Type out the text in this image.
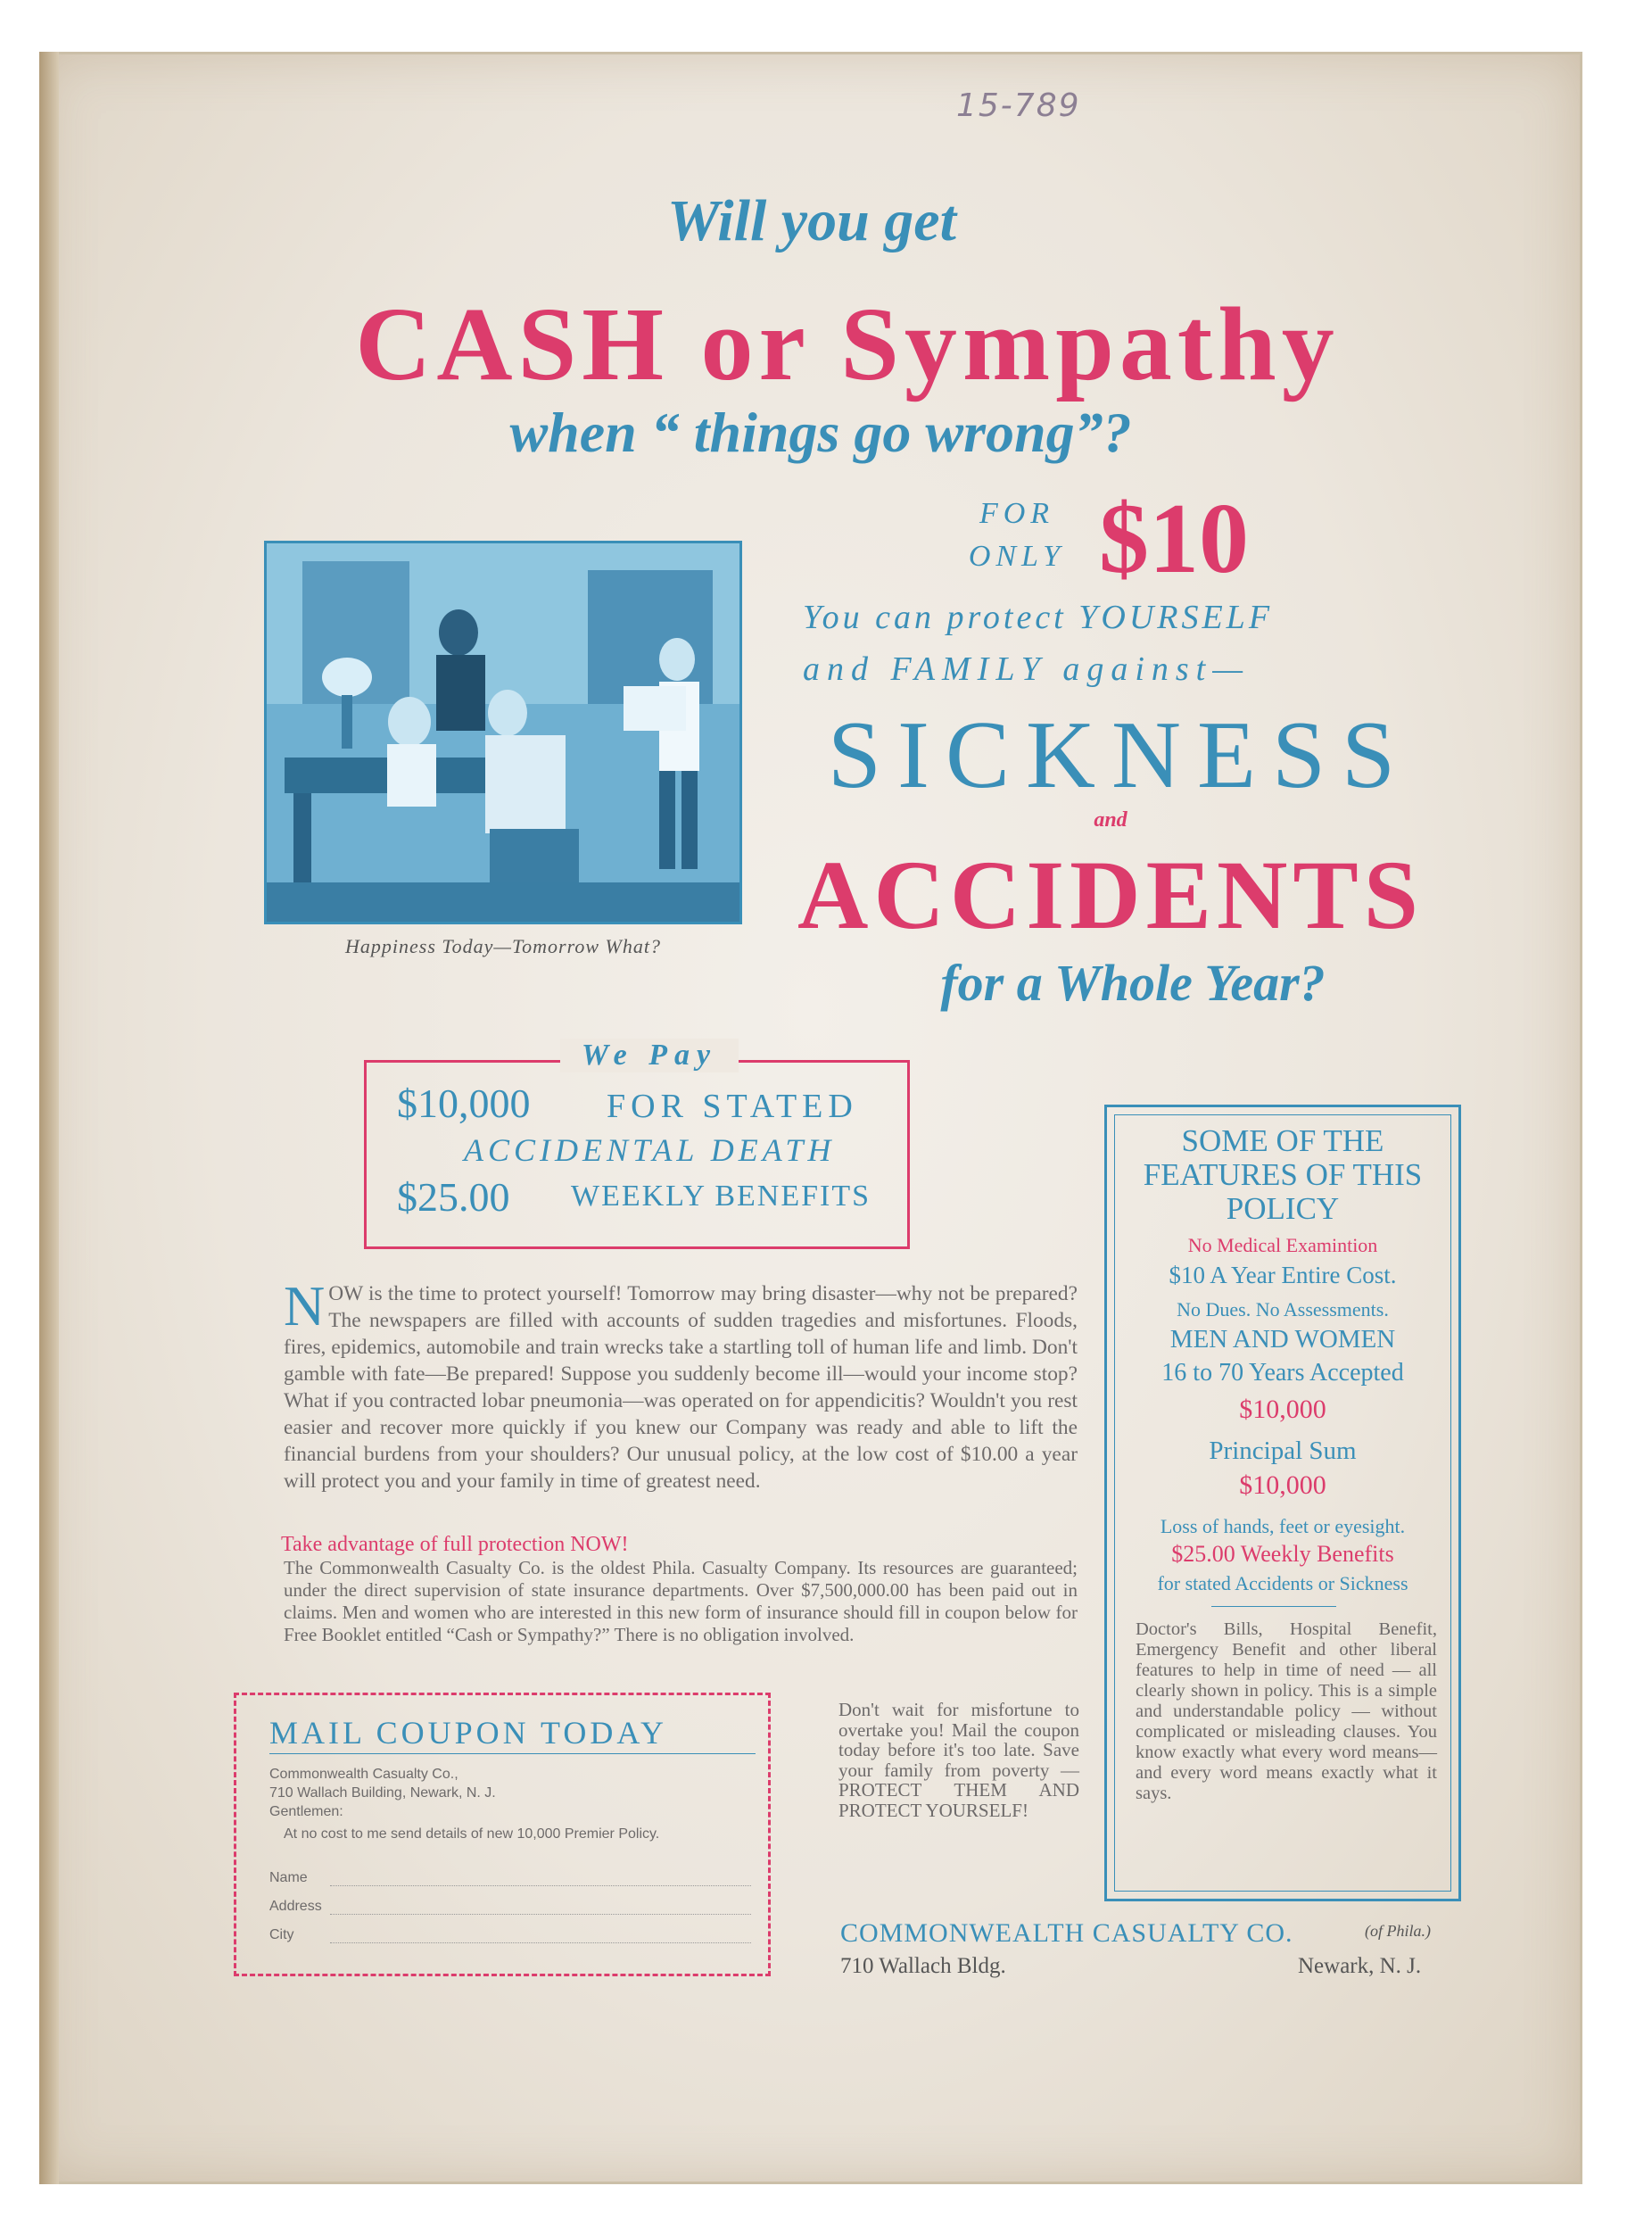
15-789
Will you get
CASH or Sympathy
when “ things go wrong”?
FOR ONLY $10
Happiness Today—Tomorrow What?
You can protect YOURSELF
and FAMILY against—
SICKNESS
and
ACCIDENTS
for a Whole Year?
We Pay
$10,000 FOR STATED
ACCIDENTAL DEATH
$25.00 WEEKLY BENEFITS
NOW is the time to protect yourself! Tomorrow may bring disaster—why not be prepared? The newspapers are filled with accounts of sudden tragedies and misfortunes. Floods, fires, epidemics, automobile and train wrecks take a startling toll of human life and limb. Don't gamble with fate—Be prepared! Suppose you suddenly become ill—would your income stop? What if you contracted lobar pneumonia—was operated on for appendicitis? Wouldn't you rest easier and recover more quickly if you knew our Company was ready and able to lift the financial burdens from your shoulders? Our unusual policy, at the low cost of $10.00 a year will protect you and your family in time of greatest need.
Take advantage of full protection NOW!
The Commonwealth Casualty Co. is the oldest Phila. Casualty Company. Its resources are guaranteed; under the direct supervision of state insurance departments. Over $7,500,000.00 has been paid out in claims. Men and women who are interested in this new form of insurance should fill in coupon below for Free Booklet entitled “Cash or Sympathy?” There is no obligation involved.
SOME OF THE FEATURES OF THIS POLICY
No Medical Examintion
$10 A Year Entire Cost.
No Dues. No Assessments.
MEN AND WOMEN
16 to 70 Years Accepted
$10,000
Principal Sum
$10,000
Loss of hands, feet or eyesight.
$25.00 Weekly Benefits
for stated Accidents or Sickness
Doctor's Bills, Hospital Benefit, Emergency Benefit and other liberal features to help in time of need — all clearly shown in policy. This is a simple and understandable policy — without complicated or misleading clauses. You know exactly what every word means—and every word means exactly what it says.
MAIL COUPON TODAY
Commonwealth Casualty Co.,
710 Wallach Building, Newark, N. J.
Gentlemen:
At no cost to me send details of new 10,000 Premier Policy.
Name
Address
City
Don't wait for misfortune to overtake you! Mail the coupon today before it's too late. Save your family from poverty — PROTECT THEM AND PROTECT YOURSELF!
COMMONWEALTH CASUALTY CO.	(of Phila.)
710 Wallach Bldg.	Newark, N. J.
